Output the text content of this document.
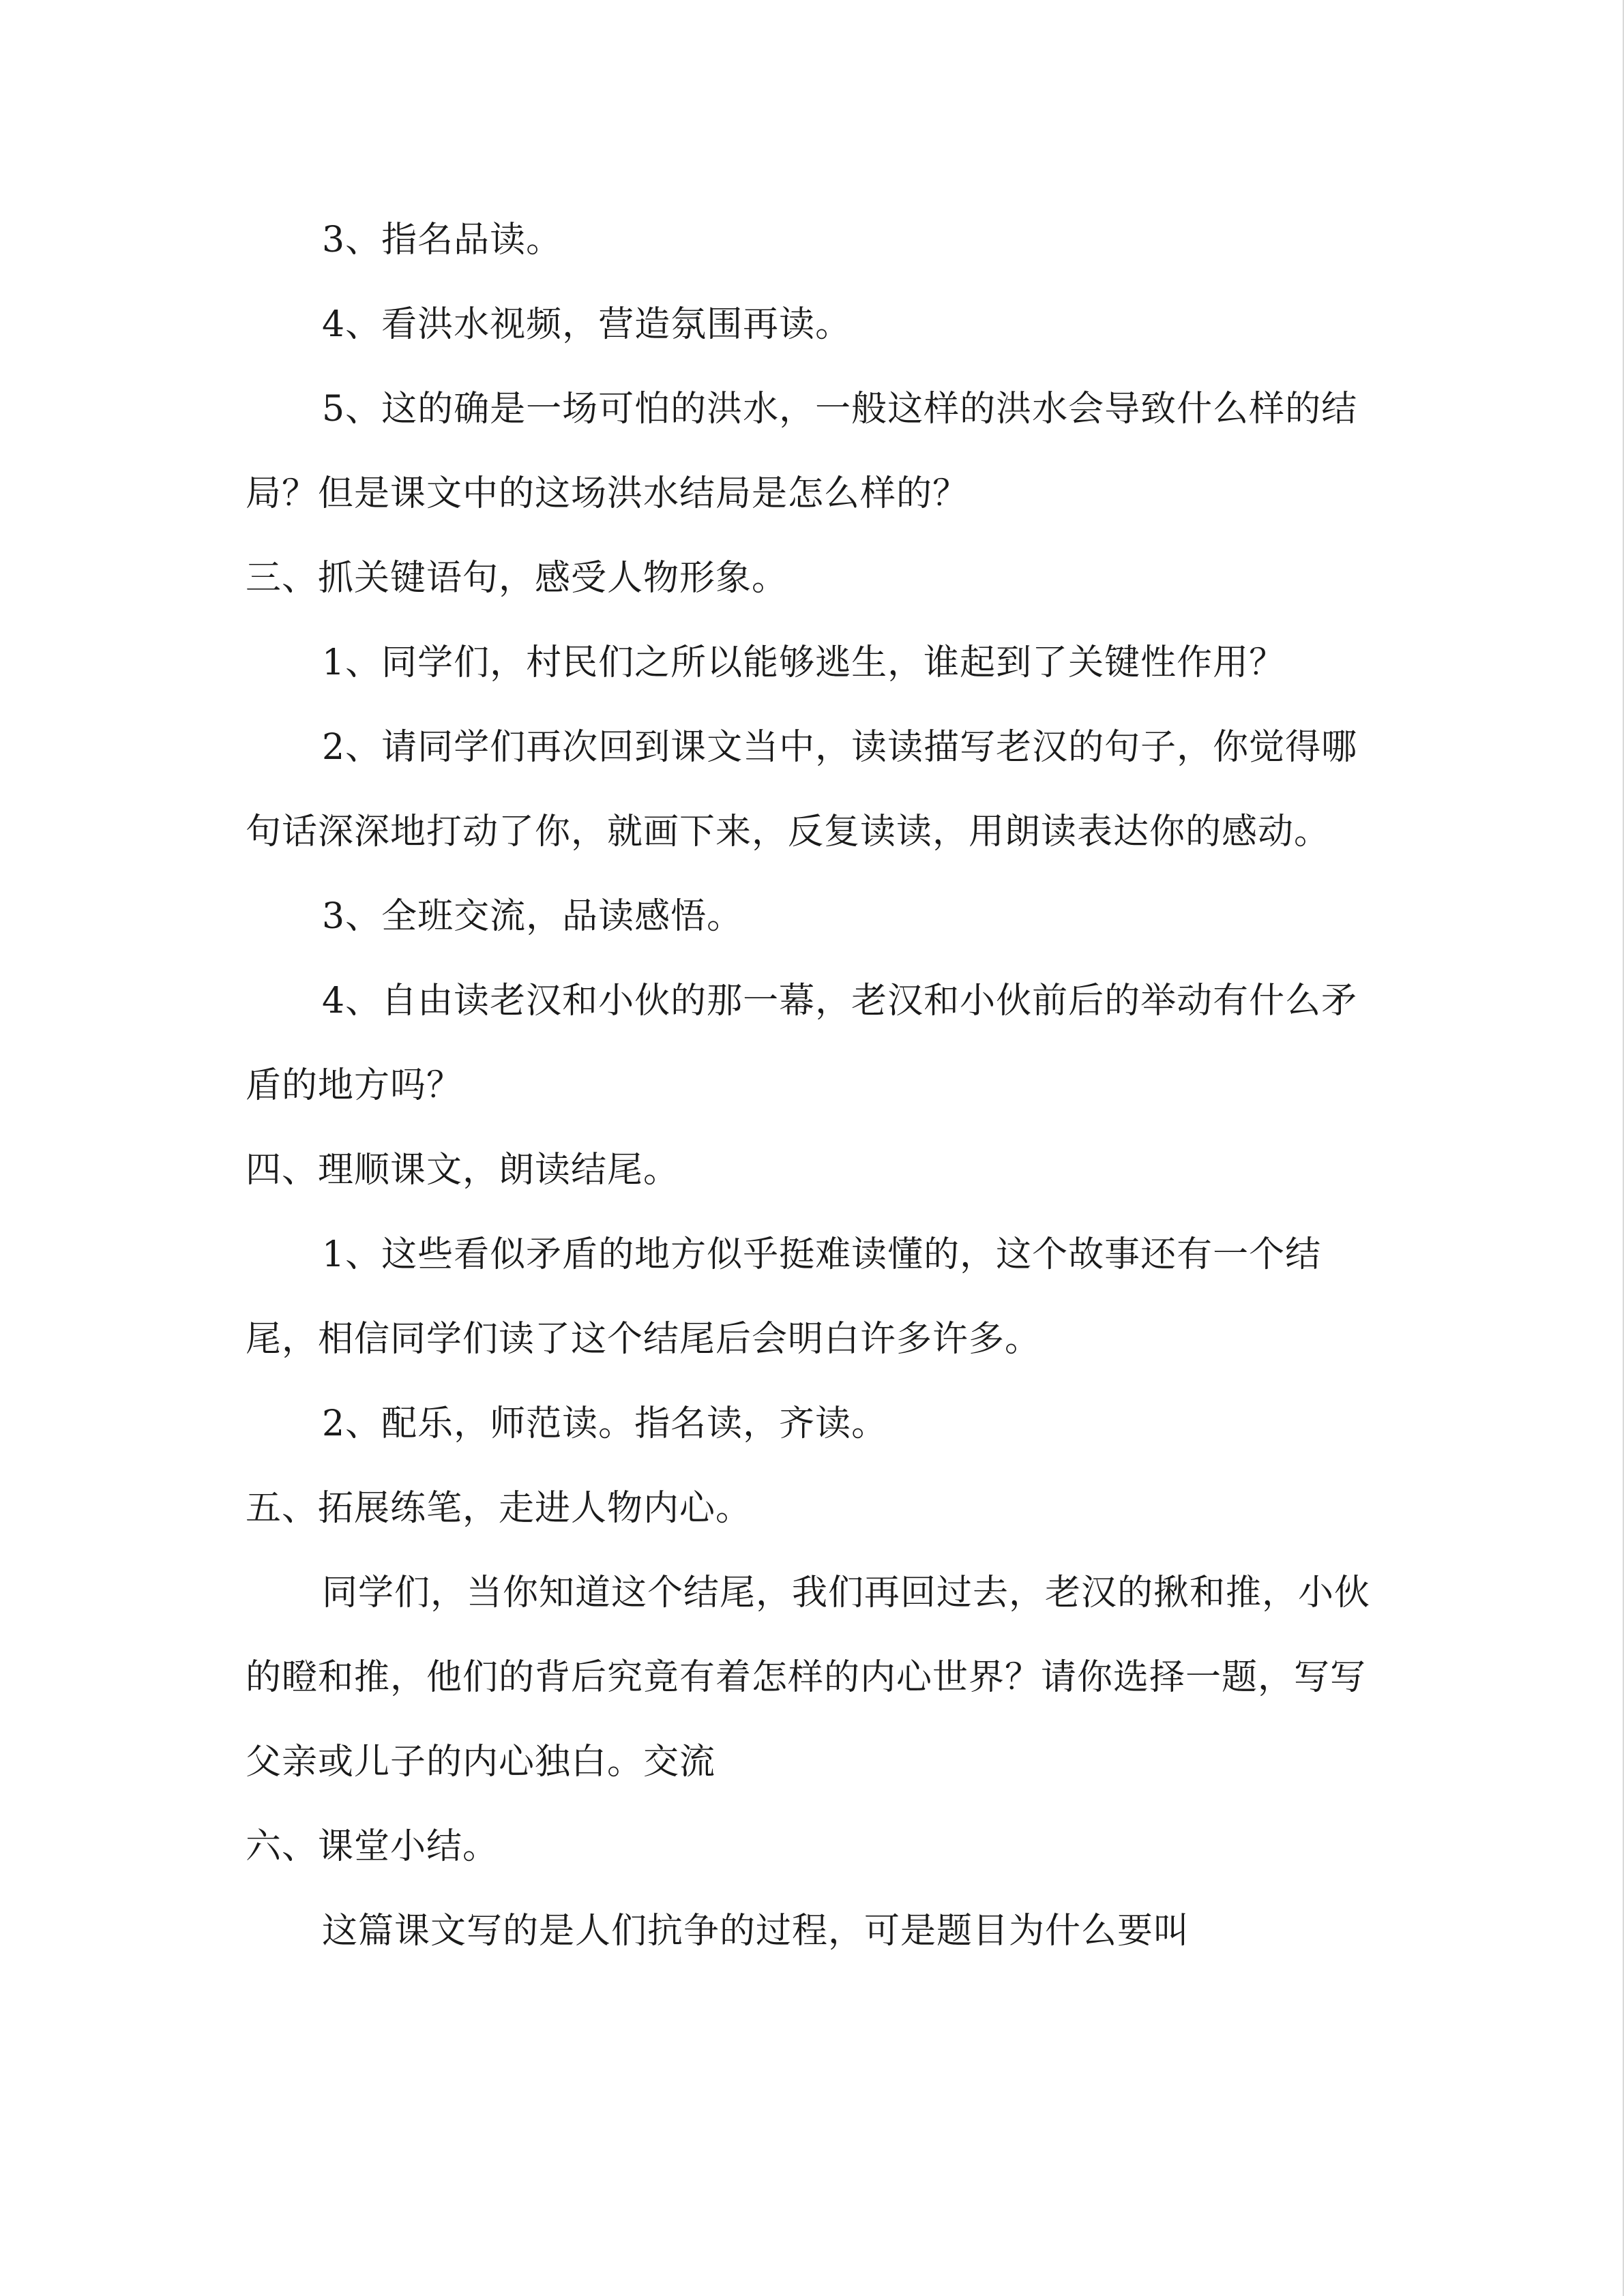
3、指名品读。

4、看洪水视频，营造氛围再读。

5、这的确是一场可怕的洪水，一般这样的洪水会导致什么样的结局？但是课文中的这场洪水结局是怎么样的？

三、抓关键语句，感受人物形象。

1、同学们，村民们之所以能够逃生，谁起到了关键性作用？

2、请同学们再次回到课文当中，读读描写老汉的句子，你觉得哪句话深深地打动了你，就画下来，反复读读，用朗读表达你的感动。

3、全班交流，品读感悟。

4、自由读老汉和小伙的那一幕，老汉和小伙前后的举动有什么矛盾的地方吗？

四、理顺课文，朗读结尾。

1、这些看似矛盾的地方似乎挺难读懂的，这个故事还有一个结尾，相信同学们读了这个结尾后会明白许多许多。

2、配乐，师范读。指名读，齐读。

五、拓展练笔，走进人物内心。

同学们，当你知道这个结尾，我们再回过去，老汉的揪和推，小伙的瞪和推，他们的背后究竟有着怎样的内心世界？请你选择一题，写写父亲或儿子的内心独白。交流

六、课堂小结。

这篇课文写的是人们抗争的过程，可是题目为什么要叫
